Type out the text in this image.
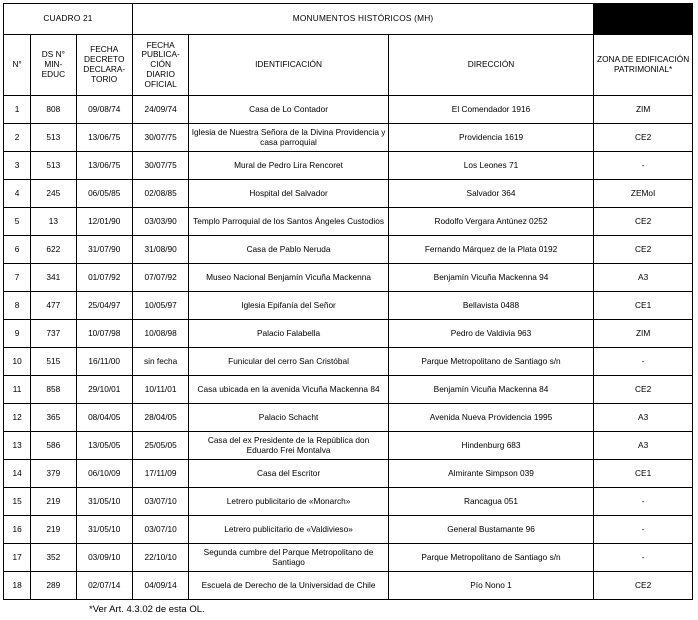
CUADRO 21			MONUMENTOS HISTÓRICOS (MH)			
N°	DS N° MIN-EDUC	FECHA DECRETO DECLARA-TORIO	FECHA PUBLICA-CIÓN DIARIO OFICIAL	IDENTIFICACIÓN	DIRECCIÓN	ZONA DE EDIFICACIÓN PATRIMONIAL*
1	808	09/08/74	24/09/74	Casa de Lo Contador	El Comendador 1916	ZIM
2	513	13/06/75	30/07/75	Iglesia de Nuestra Señora de la Divina Providencia y casa parroquial	Providencia 1619	CE2
3	513	13/06/75	30/07/75	Mural de Pedro Lira Rencoret	Los Leones 71	-
4	245	06/05/85	02/08/85	Hospital del Salvador	Salvador 364	ZEMoI
5	13	12/01/90	03/03/90	Templo Parroquial de los Santos Ángeles Custodios	Rodolfo Vergara Antúnez 0252	CE2
6	622	31/07/90	31/08/90	Casa de Pablo Neruda	Fernando Márquez de la Plata 0192	CE2
7	341	01/07/92	07/07/92	Museo Nacional Benjamín Vicuña Mackenna	Benjamín Vicuña Mackenna 94	A3
8	477	25/04/97	10/05/97	Iglesia Epifanía del Señor	Bellavista 0488	CE1
9	737	10/07/98	10/08/98	Palacio Falabella	Pedro de Valdivia 963	ZIM
10	515	16/11/00	sin fecha	Funicular del cerro San Cristóbal	Parque Metropolitano de Santiago s/n	-
11	858	29/10/01	10/11/01	Casa ubicada en la avenida Vicuña Mackenna 84	Benjamín Vicuña Mackenna 84	CE2
12	365	08/04/05	28/04/05	Palacio Schacht	Avenida Nueva Providencia 1995	A3
13	586	13/05/05	25/05/05	Casa del ex Presidente de la República don Eduardo Frei Montalva	Hindenburg 683	A3
14	379	06/10/09	17/11/09	Casa del Escritor	Almirante Simpson 039	CE1
15	219	31/05/10	03/07/10	Letrero publicitario de «Monarch»	Rancagua 051	-
16	219	31/05/10	03/07/10	Letrero publicitario de «Valdivieso»	General Bustamante 96	-
17	352	03/09/10	22/10/10	Segunda cumbre del Parque Metropolitano de Santiago	Parque Metropolitano de Santiago s/n	-
18	289	02/07/14	04/09/14	Escuela de Derecho de la Universidad de Chile	Pío Nono 1	CE2
*Ver Art. 4.3.02 de esta OL.
